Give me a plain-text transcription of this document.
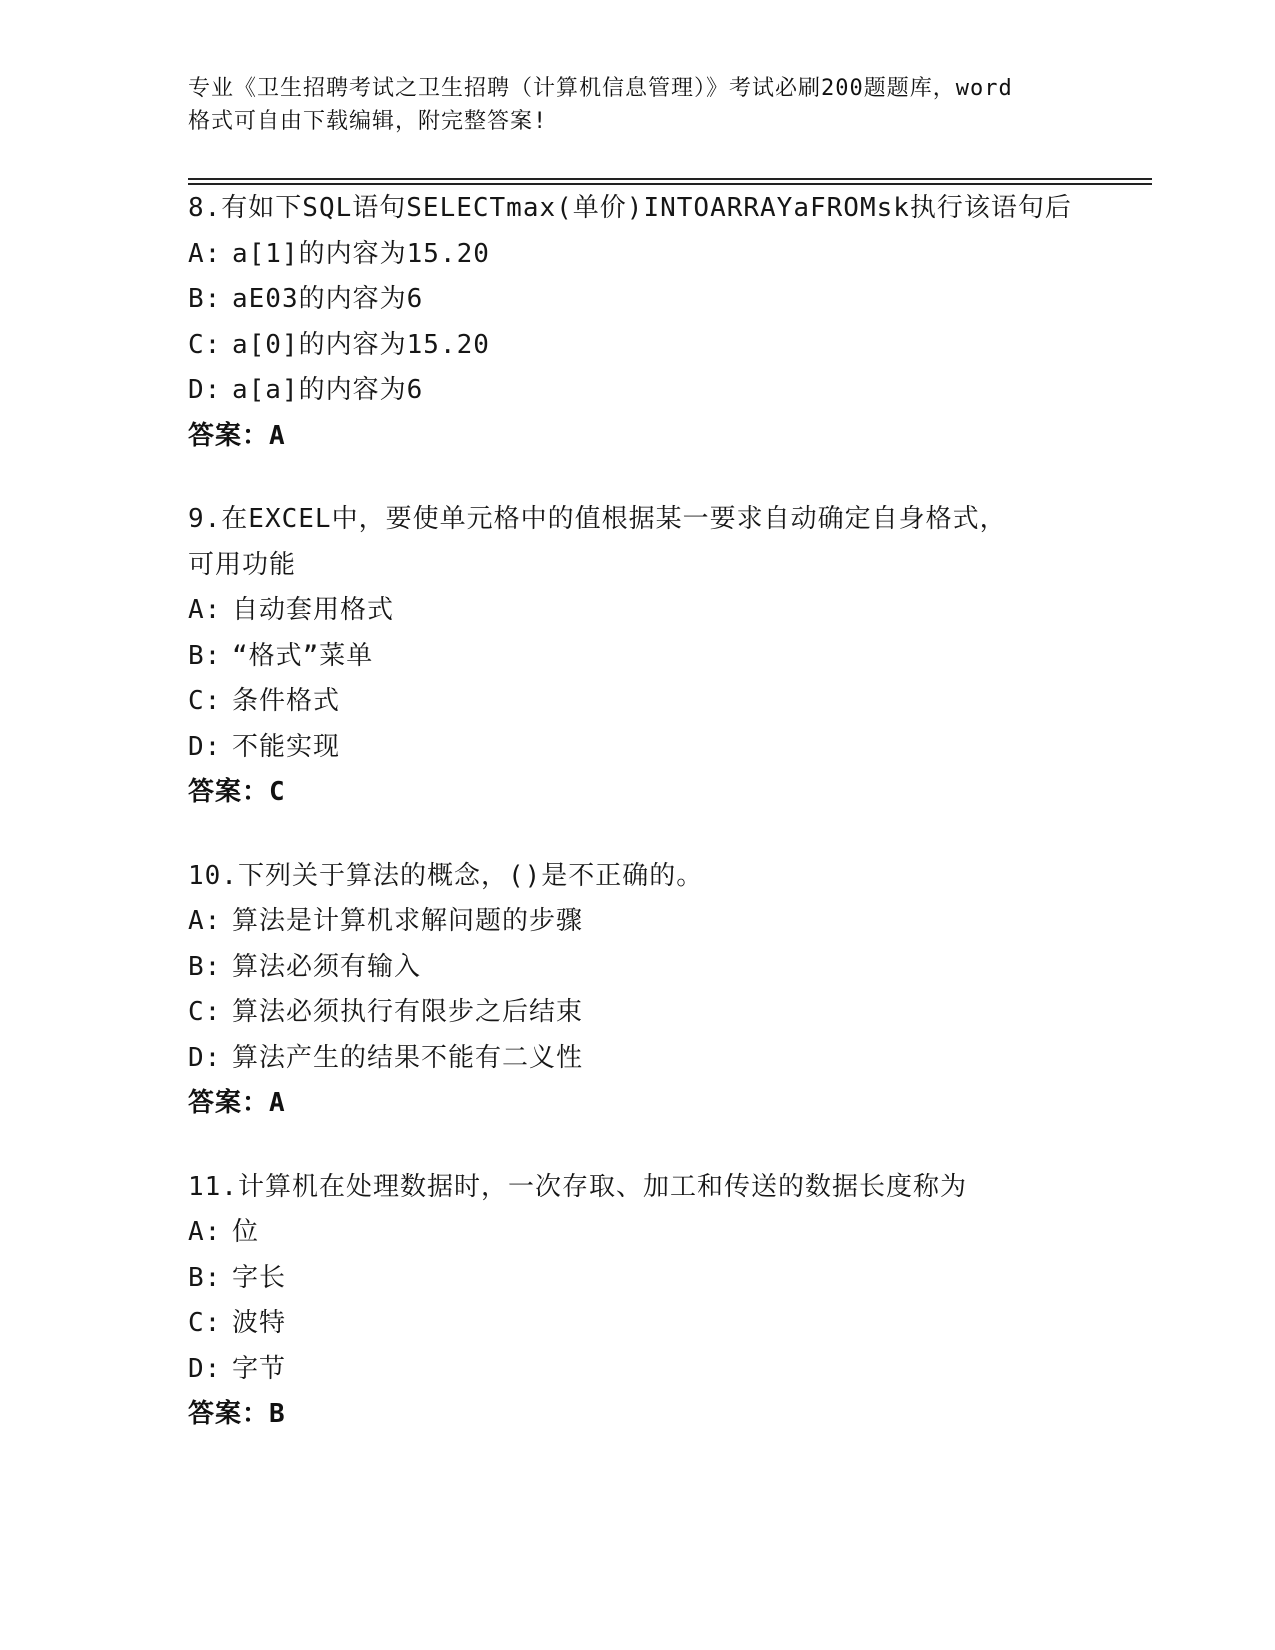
专业《卫生招聘考试之卫生招聘（计算机信息管理）》考试必刷200题题库，word
格式可自由下载编辑，附完整答案!
8.有如下SQL语句SELECTmax(单价)INTOARRAYaFROMsk执行该语句后
A: a[1]的内容为15.20
B: aE03的内容为6
C: a[0]的内容为15.20
D: a[a]的内容为6
答案：A
9.在EXCEL中，要使单元格中的值根据某一要求自动确定自身格式，
可用功能
A: 自动套用格式
B: “格式”菜单
C: 条件格式
D: 不能实现
答案：C
10.下列关于算法的概念，()是不正确的。
A: 算法是计算机求解问题的步骤
B: 算法必须有输入
C: 算法必须执行有限步之后结束
D: 算法产生的结果不能有二义性
答案：A
11.计算机在处理数据时，一次存取、加工和传送的数据长度称为
A: 位
B: 字长
C: 波特
D: 字节
答案：B
